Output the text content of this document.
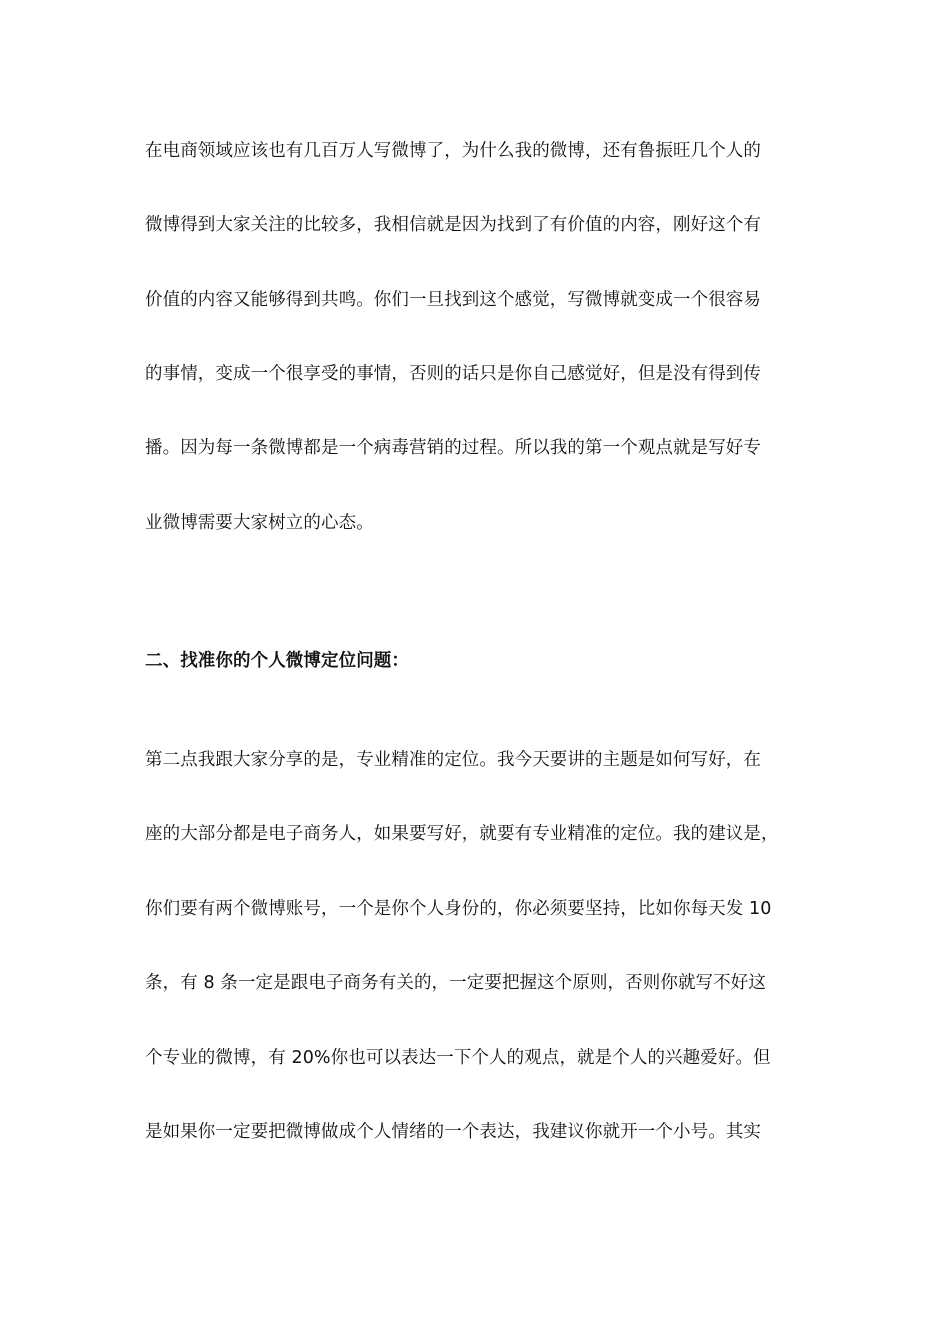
在电商领域应该也有几百万人写微博了，为什么我的微博，还有鲁振旺几个人的
微博得到大家关注的比较多，我相信就是因为找到了有价值的内容，刚好这个有
价值的内容又能够得到共鸣。你们一旦找到这个感觉，写微博就变成一个很容易
的事情，变成一个很享受的事情，否则的话只是你自己感觉好，但是没有得到传
播。因为每一条微博都是一个病毒营销的过程。所以我的第一个观点就是写好专
业微博需要大家树立的心态。
二、找准你的个人微博定位问题：
第二点我跟大家分享的是，专业精准的定位。我今天要讲的主题是如何写好，在
座的大部分都是电子商务人，如果要写好，就要有专业精准的定位。我的建议是，
你们要有两个微博账号，一个是你个人身份的，你必须要坚持，比如你每天发 10
条，有 8 条一定是跟电子商务有关的，一定要把握这个原则，否则你就写不好这
个专业的微博，有 20%你也可以表达一下个人的观点，就是个人的兴趣爱好。但
是如果你一定要把微博做成个人情绪的一个表达，我建议你就开一个小号。其实
